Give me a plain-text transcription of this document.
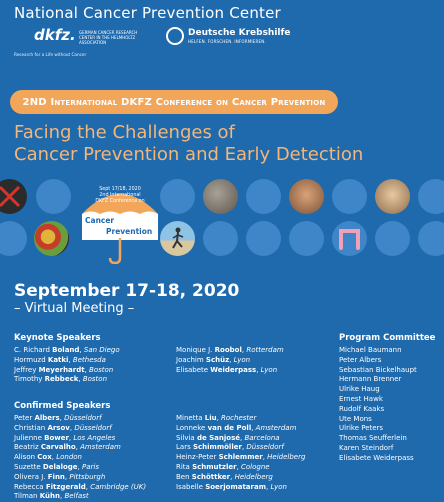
National Cancer Prevention Center
dkfz. GERMAN CANCER RESEARCH CENTER IN THE HELMHOLTZ ASSOCIATION
Research for a Life without Cancer
Deutsche Krebshilfe
HELFEN. FORSCHEN. INFORMIEREN.
2ND International DKFZ Conference on Cancer Prevention
Facing the Challenges of
Cancer Prevention and Early Detection
Sept 17/18, 2020
2nd International
DKFZ Conference on
Cancer
Prevention
September 17-18, 2020
– Virtual Meeting –
Keynote Speakers
C. Richard Boland, San Diego
Hormuzd Katki, Bethesda
Jeffrey Meyerhardt, Boston
Timothy Rebbeck, Boston
Monique J. Roobol, Rotterdam
Joachim Schüz, Lyon
Elisabete Weiderpass, Lyon
Confirmed Speakers
Peter Albers, Düsseldorf
Christian Arsov, Düsseldorf
Julienne Bower, Los Angeles
Beatriz Carvalho, Amsterdam
Alison Cox, London
Suzette Delaloge, Paris
Olivera J. Finn, Pittsburgh
Rebecca Fitzgerald, Cambridge (UK)
Tilman Kühn, Belfast
Minetta Liu, Rochester
Lonneke van de Poll, Amsterdam
Silvia de Sanjosé, Barcelona
Lars Schimmöller, Düsseldorf
Heinz-Peter Schlemmer, Heidelberg
Rita Schmutzler, Cologne
Ben Schöttker, Heidelberg
Isabelle Soerjomataram, Lyon
Program Committee
Michael Baumann
Peter Albers
Sebastian Bickelhaupt
Hermann Brenner
Ulrike Haug
Ernest Hawk
Rudolf Kaaks
Ute Mons
Ulrike Peters
Thomas Seufferlein
Karen Steindorf
Elisabete Weiderpass
